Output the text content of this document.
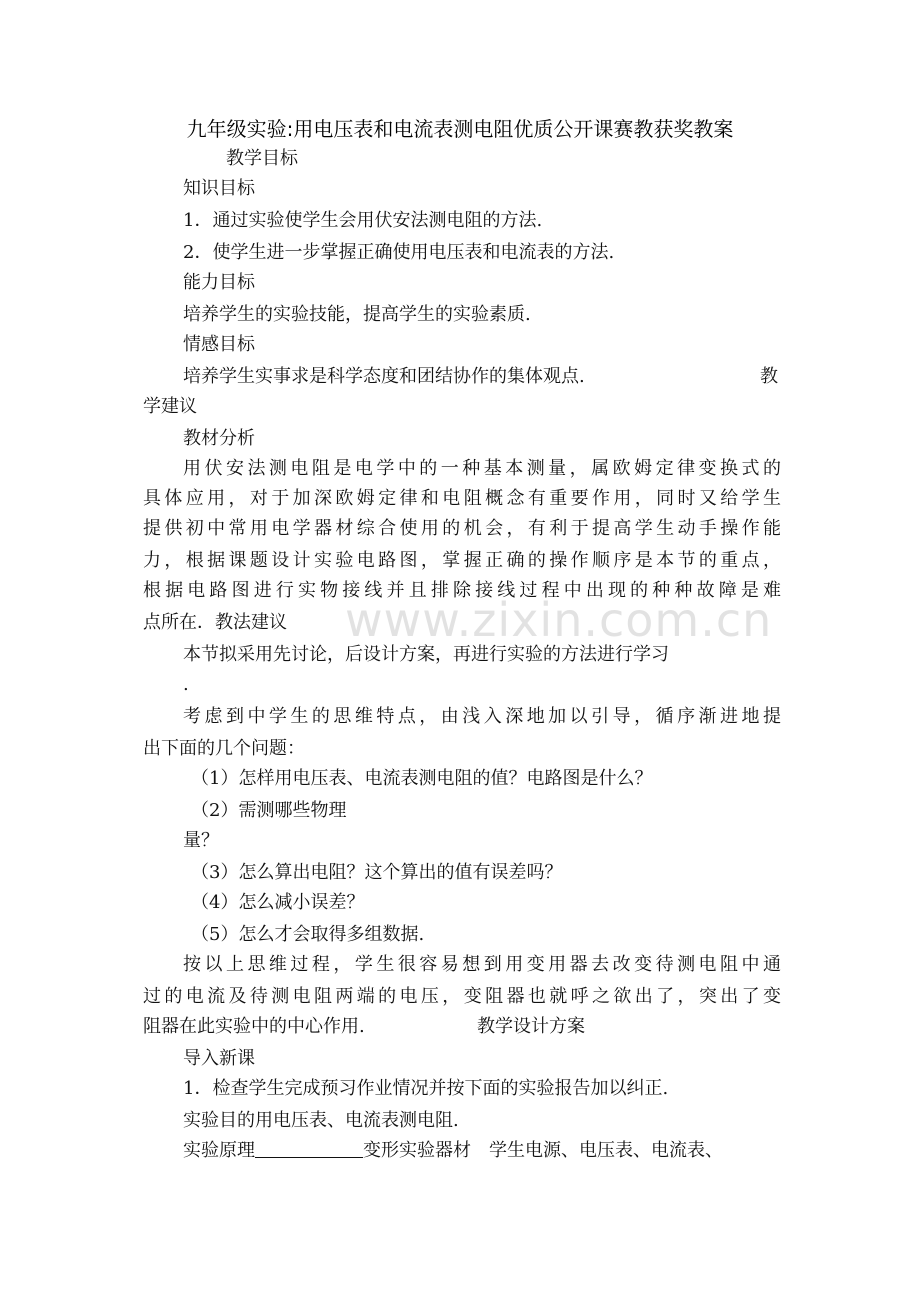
www.zixin.com.cn
九年级实验:用电压表和电流表测电阻优质公开课赛教获奖教案
教学目标
知识目标
1．通过实验使学生会用伏安法测电阻的方法.
2．使学生进一步掌握正确使用电压表和电流表的方法.
能力目标
培养学生的实验技能，提高学生的实验素质.
情感目标
培养学生实事求是科学态度和团结协作的集体观点.	教
学建议
教材分析
用伏安法测电阻是电学中的一种基本测量，属欧姆定律变换式的
具体应用，对于加深欧姆定律和电阻概念有重要作用，同时又给学生
提供初中常用电学器材综合使用的机会，有利于提高学生动手操作能
力，根据课题设计实验电路图，掌握正确的操作顺序是本节的重点，
根据电路图进行实物接线并且排除接线过程中出现的种种故障是难
点所在．教法建议
本节拟采用先讨论，后设计方案，再进行实验的方法进行学习
.
考虑到中学生的思维特点，由浅入深地加以引导，循序渐进地提
出下面的几个问题：
（1）怎样用电压表、电流表测电阻的值？电路图是什么？
（2）需测哪些物理
量？
（3）怎么算出电阻？这个算出的值有误差吗？
（4）怎么减小误差？
（5）怎么才会取得多组数据.
按以上思维过程，学生很容易想到用变用器去改变待测电阻中通
过的电流及待测电阻两端的电压，变阻器也就呼之欲出了，突出了变
阻器在此实验中的中心作用.	教学设计方案
导入新课
1．检查学生完成预习作业情况并按下面的实验报告加以纠正.
实验目的用电压表、电流表测电阻.
实验原理	变形实验器材　学生电源、电压表、电流表、
